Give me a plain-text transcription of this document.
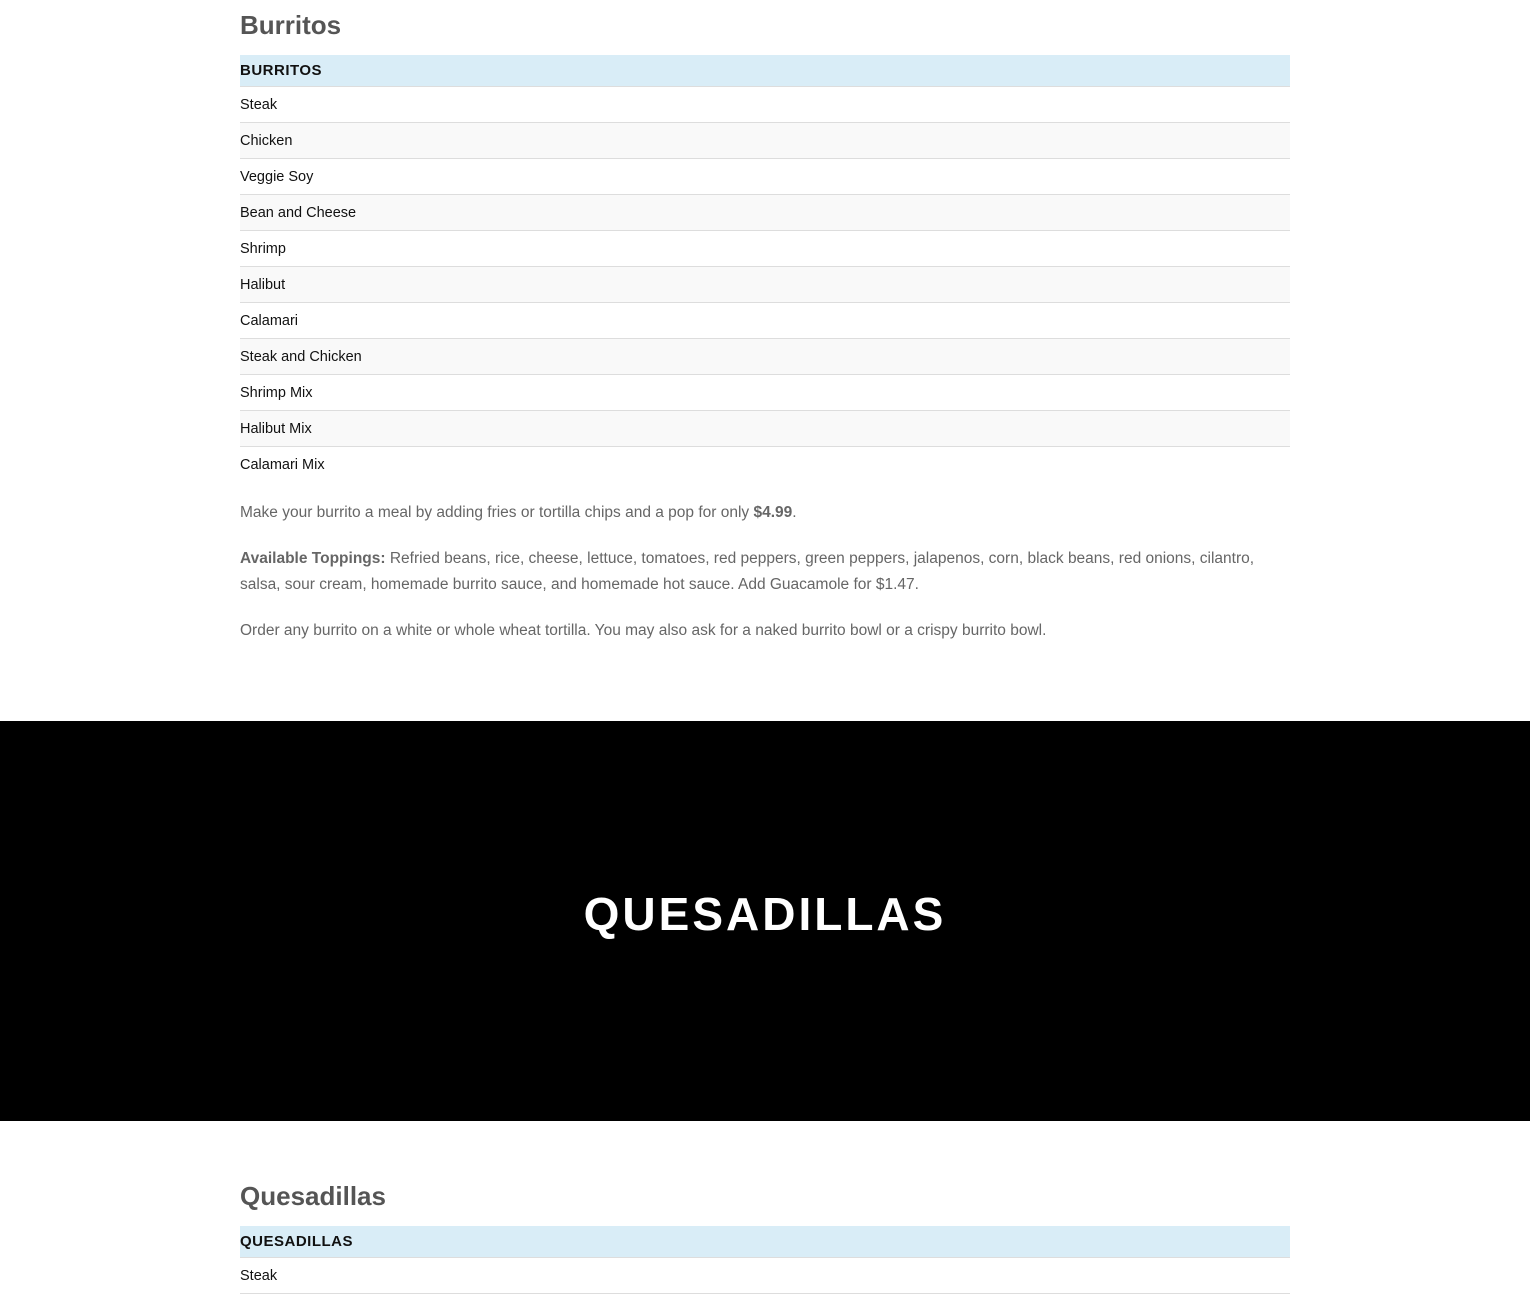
Burritos
BURRITOS
Steak
Chicken
Veggie Soy
Bean and Cheese
Shrimp
Halibut
Calamari
Steak and Chicken
Shrimp Mix
Halibut Mix
Calamari Mix

Make your burrito a meal by adding fries or tortilla chips and a pop for only $4.99.

Available Toppings: Refried beans, rice, cheese, lettuce, tomatoes, red peppers, green peppers, jalapenos, corn, black beans, red onions, cilantro, salsa, sour cream, homemade burrito sauce, and homemade hot sauce. Add Guacamole for $1.47.

Order any burrito on a white or whole wheat tortilla. You may also ask for a naked burrito bowl or a crispy burrito bowl.

QUESADILLAS
Quesadillas
QUESADILLAS
Steak
